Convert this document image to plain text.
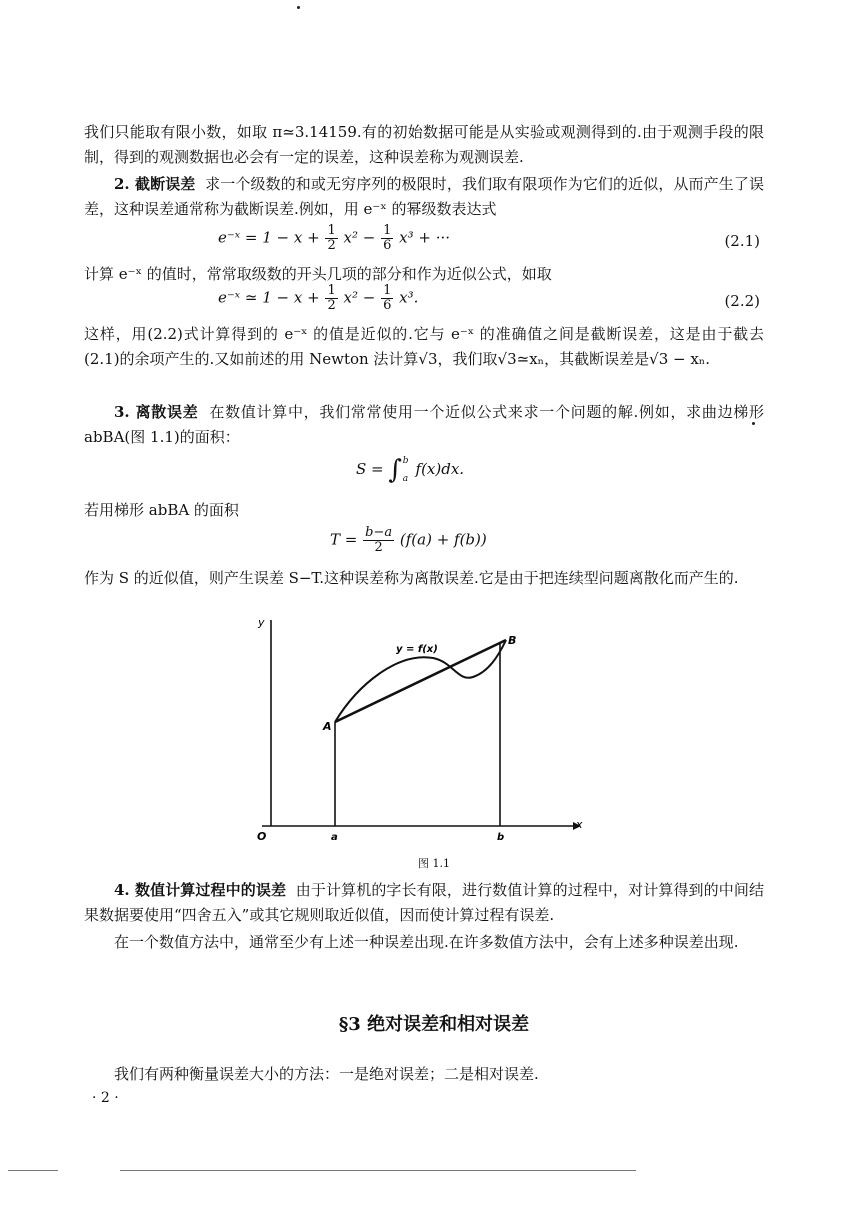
我们只能取有限小数，如取 π≃3.14159.有的初始数据可能是从实验或观测得到的.由于观测手段的限制，得到的观测数据也必会有一定的误差，这种误差称为观测误差.

2. 截断误差 求一个级数的和或无穷序列的极限时，我们取有限项作为它们的近似，从而产生了误差，这种误差通常称为截断误差.例如，用 e⁻ˣ 的幂级数表达式

e⁻ˣ = $1 - x + \frac{1}{2} x^2 - \frac{1}{6} x^3$ + ···	(2.1)

计算 e⁻ˣ 的值时，常常取级数的开头几项的部分和作为近似公式，如取

e⁻ˣ ≃ $1 - x + \frac{1}{2} x^2 - \frac{1}{6} x^3$.	(2.2)

这样，用(2.2)式计算得到的 e⁻ˣ 的值是近似的.它与 e⁻ˣ 的准确值之间是截断误差，这是由于截去(2.1)的余项产生的.又如前述的用 Newton 法计算√3，我们取√3≃xₙ，其截断误差是√3 − xₙ.

3. 离散误差 在数值计算中，我们常常使用一个近似公式来求一个问题的解.例如，求曲边梯形 abBA(图 1.1)的面积：

S = ∫ b
a
f(x)dx.

若用梯形 abBA 的面积

$T = \frac{b-a}{2} (f(a) + f(b))$

作为 S 的近似值，则产生误差 S−T.这种误差称为离散误差.它是由于把连续型问题离散化而产生的.

y
x
O	a	b
A
B
y = f(x)
图 1.1

4. 数值计算过程中的误差 由于计算机的字长有限，进行数值计算的过程中，对计算得到的中间结果数据要使用“四舍五入”或其它规则取近似值，因而使计算过程有误差.

在一个数值方法中，通常至少有上述一种误差出现.在许多数值方法中，会有上述多种误差出现.

§3 绝对误差和相对误差

我们有两种衡量误差大小的方法：一是绝对误差；二是相对误差.

· 2 ·
